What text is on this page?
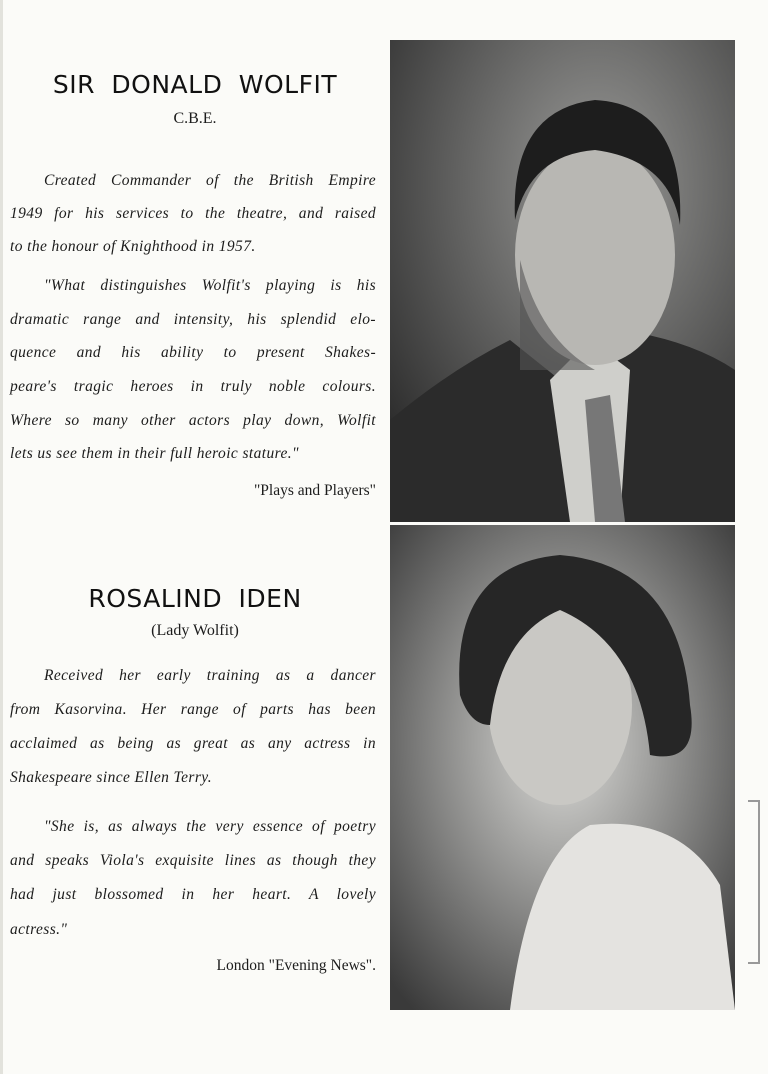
SIR DONALD WOLFIT
C.B.E.
Created Commander of the British Empire
1949 for his services to the theatre, and raised
to the honour of Knighthood in 1957.
"What distinguishes Wolfit's playing is his
dramatic range and intensity, his splendid elo-
quence and his ability to present Shakes-
peare's tragic heroes in truly noble colours.
Where so many other actors play down, Wolfit
lets us see them in their full heroic stature."
"Plays and Players"
ROSALIND IDEN
(Lady Wolfit)
Received her early training as a dancer
from Kasorvina. Her range of parts has been
acclaimed as being as great as any actress in
Shakespeare since Ellen Terry.
"She is, as always the very essence of poetry
and speaks Viola's exquisite lines as though they
had just blossomed in her heart. A lovely
actress."
London "Evening News".
